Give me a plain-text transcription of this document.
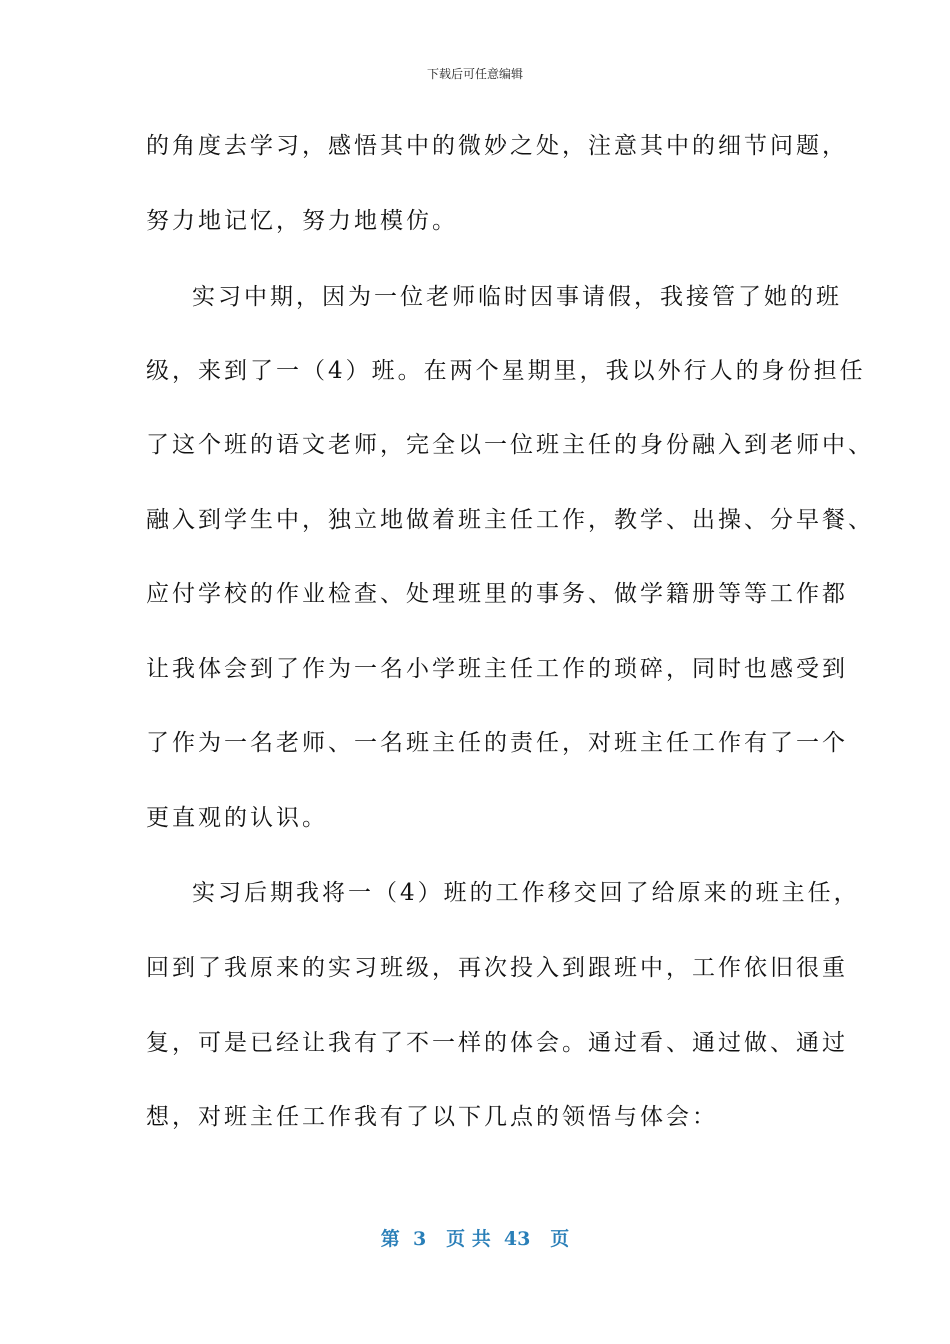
下载后可任意编辑
的角度去学习，感悟其中的微妙之处，注意其中的细节问题，
努力地记忆，努力地模仿。
实习中期，因为一位老师临时因事请假，我接管了她的班
级，来到了一（4）班。在两个星期里，我以外行人的身份担任
了这个班的语文老师，完全以一位班主任的身份融入到老师中、
融入到学生中，独立地做着班主任工作，教学、出操、分早餐、
应付学校的作业检查、处理班里的事务、做学籍册等等工作都
让我体会到了作为一名小学班主任工作的琐碎，同时也感受到
了作为一名老师、一名班主任的责任，对班主任工作有了一个
更直观的认识。
实习后期我将一（4）班的工作移交回了给原来的班主任，
回到了我原来的实习班级，再次投入到跟班中，工作依旧很重
复，可是已经让我有了不一样的体会。通过看、通过做、通过
想，对班主任工作我有了以下几点的领悟与体会：
第  3   页 共  43   页
